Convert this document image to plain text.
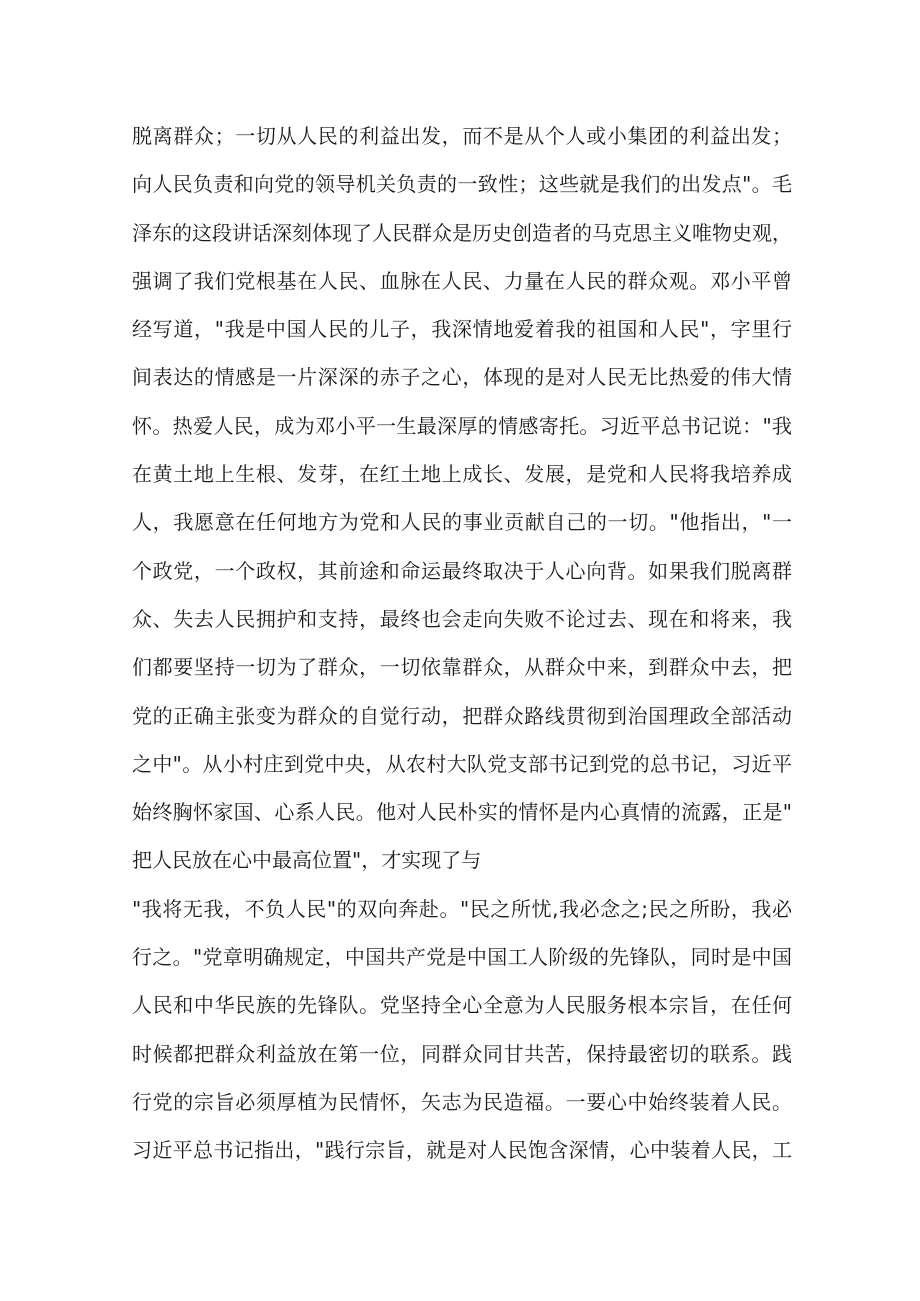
脱离群众；一切从人民的利益出发，而不是从个人或小集团的利益出发；
向人民负责和向党的领导机关负责的一致性；这些就是我们的出发点"。毛
泽东的这段讲话深刻体现了人民群众是历史创造者的马克思主义唯物史观，
强调了我们党根基在人民、血脉在人民、力量在人民的群众观。邓小平曾
经写道，"我是中国人民的儿子，我深情地爱着我的祖国和人民"，字里行
间表达的情感是一片深深的赤子之心，体现的是对人民无比热爱的伟大情
怀。热爱人民，成为邓小平一生最深厚的情感寄托。习近平总书记说："我
在黄土地上生根、发芽，在红土地上成长、发展，是党和人民将我培养成
人，我愿意在任何地方为党和人民的事业贡献自己的一切。"他指出，"一
个政党，一个政权，其前途和命运最终取决于人心向背。如果我们脱离群
众、失去人民拥护和支持，最终也会走向失败不论过去、现在和将来，我
们都要坚持一切为了群众，一切依靠群众，从群众中来，到群众中去，把
党的正确主张变为群众的自觉行动，把群众路线贯彻到治国理政全部活动
之中"。从小村庄到党中央，从农村大队党支部书记到党的总书记，习近平
始终胸怀家国、心系人民。他对人民朴实的情怀是内心真情的流露，正是"
把人民放在心中最高位置"，才实现了与
"我将无我，不负人民"的双向奔赴。"民之所忧,我必念之;民之所盼，我必
行之。"党章明确规定，中国共产党是中国工人阶级的先锋队，同时是中国
人民和中华民族的先锋队。党坚持全心全意为人民服务根本宗旨，在任何
时候都把群众利益放在第一位，同群众同甘共苦，保持最密切的联系。践
行党的宗旨必须厚植为民情怀，矢志为民造福。一要心中始终装着人民。
习近平总书记指出，"践行宗旨，就是对人民饱含深情，心中装着人民，工
